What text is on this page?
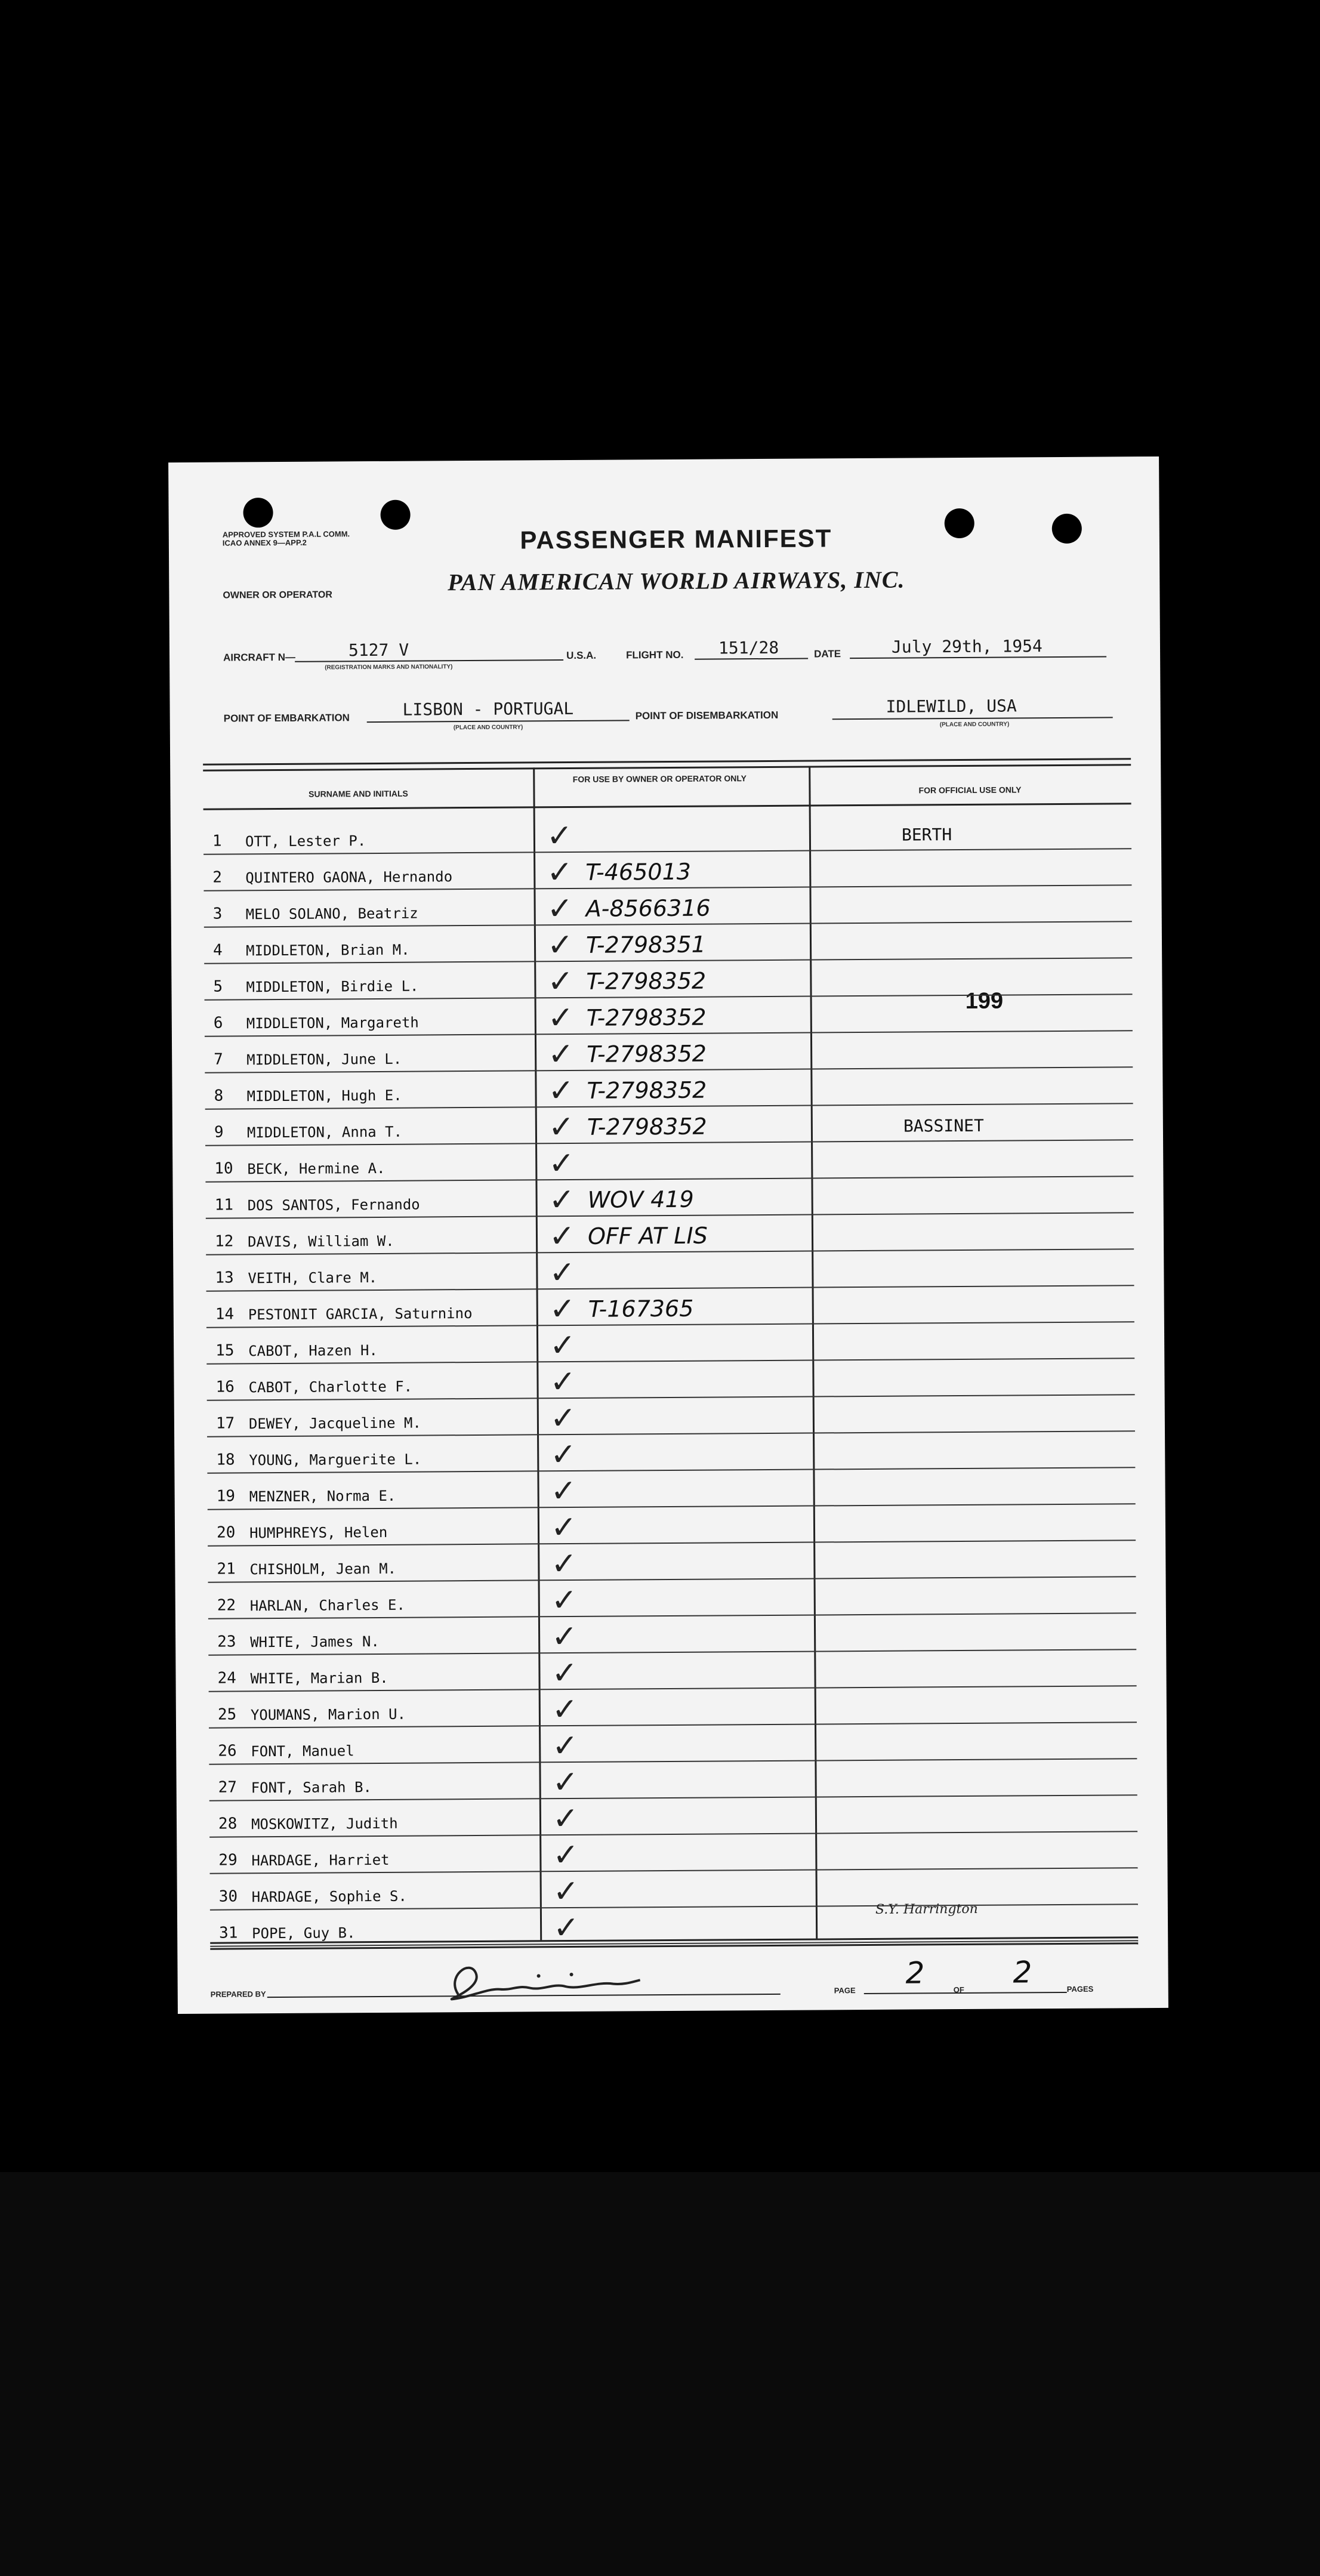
APPROVED SYSTEM P.A.L COMM. ICAO ANNEX 9—APP.2
OWNER OR OPERATOR
PASSENGER MANIFEST
PAN AMERICAN WORLD AIRWAYS, INC.
AIRCRAFT N—	5127 V
(REGISTRATION MARKS AND NATIONALITY)
U.S.A.	FLIGHT NO. 151/28	DATE	July 29th, 1954
POINT OF EMBARKATION	LISBON - PORTUGAL
(PLACE AND COUNTRY)
POINT OF DISEMBARKATION	IDLEWILD, USA
(PLACE AND COUNTRY)
SURNAME AND INITIALS
FOR USE BY OWNER OR OPERATOR ONLY
FOR OFFICIAL USE ONLY
199
1 OTT, Lester P.	✓	BERTH
2 QUINTERO GAONA, Hernando	✓ T-465013
3 MELO SOLANO, Beatriz	✓ A-8566316
4 MIDDLETON, Brian M.	✓ T-2798351
5 MIDDLETON, Birdie L.	✓ T-2798352
6 MIDDLETON, Margareth	✓ T-2798352
7 MIDDLETON, June L.	✓ T-2798352
8 MIDDLETON, Hugh E.	✓ T-2798352
9 MIDDLETON, Anna T.	✓ T-2798352	BASSINET
10 BECK, Hermine A.	✓
11 DOS SANTOS, Fernando	✓ WOV 419
12 DAVIS, William W.	✓ OFF AT LIS
13 VEITH, Clare M.	✓
14 PESTONIT GARCIA, Saturnino ✓ T-167365
15 CABOT, Hazen H.	✓
16 CABOT, Charlotte F.	✓
17 DEWEY, Jacqueline M.	✓
18 YOUNG, Marguerite L.	✓
19 MENZNER, Norma E.	✓
20 HUMPHREYS, Helen	✓
21 CHISHOLM, Jean M.	✓
22 HARLAN, Charles E.	✓
23 WHITE, James N.	✓
24 WHITE, Marian B.	✓
25 YOUMANS, Marion U.	✓
26 FONT, Manuel	✓
27 FONT, Sarah B.	✓
28 MOSKOWITZ, Judith	✓
29 HARDAGE, Harriet	✓
30 HARDAGE, Sophie S.	✓
31 POPE, Guy B.	✓
S.Y. Harrington
PREPARED BY	PAGE
2	OF
2	PAGES
